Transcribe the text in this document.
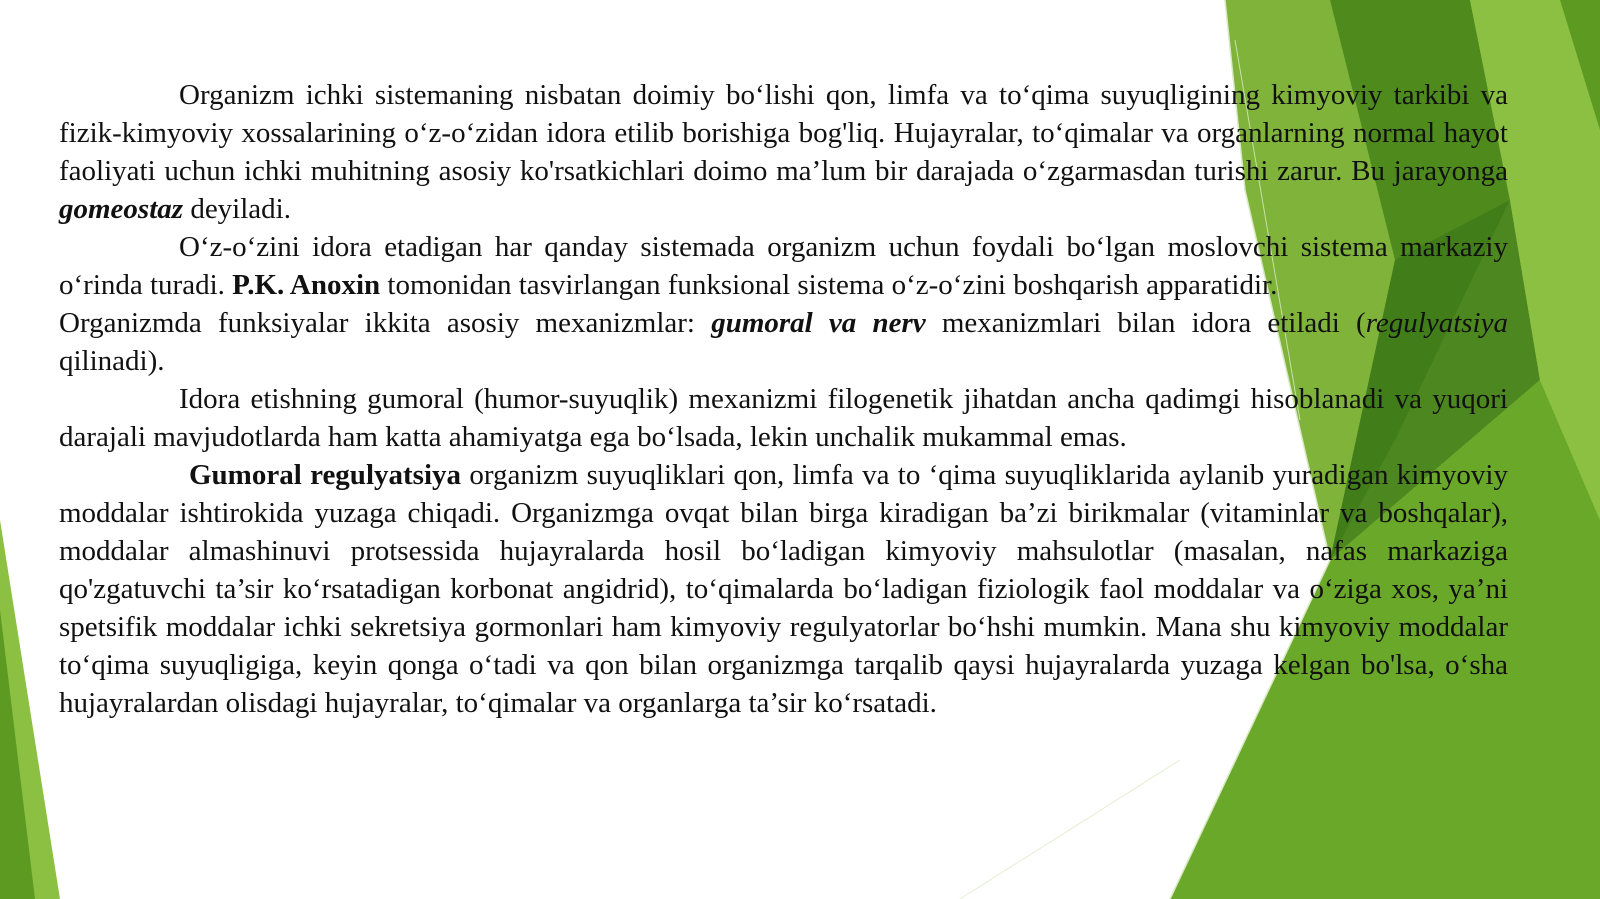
Organizm ichki sistemaning nisbatan doimiy bo‘lishi qon, limfa va to‘qima suyuqligining kimyoviy tarkibi va fizik-kimyoviy xossalarining o‘z-o‘zidan idora etilib borishiga bog'liq. Hujayralar, to‘qimalar va organlarning normal hayot faoliyati uchun ichki muhitning asosiy ko'rsatkichlari doimo ma’lum bir darajada o‘zgarmasdan turishi zarur. Bu jarayonga gomeostaz deyiladi.

O‘z-o‘zini idora etadigan har qanday sistemada organizm uchun foydali bo‘lgan moslovchi sistema markaziy o‘rinda turadi. P.K. Anoxin tomonidan tasvirlangan funksional sistema o‘z-o‘zini boshqarish apparatidir.

Organizmda funksiyalar ikkita asosiy mexanizmlar: gumoral va nerv mexanizmlari bilan idora etiladi (regulyatsiya qilinadi).

Idora etishning gumoral (humor-suyuqlik) mexanizmi filogenetik jihatdan ancha qadimgi hisoblanadi va yuqori darajali mavjudotlarda ham katta ahamiyatga ega bo‘lsada, lekin unchalik mukammal emas.

Gumoral regulyatsiya organizm suyuqliklari qon, limfa va to ‘qima suyuqliklarida aylanib yuradigan kimyoviy moddalar ishtirokida yuzaga chiqadi. Organizmga ovqat bilan birga kiradigan ba’zi birikmalar (vitaminlar va boshqalar), moddalar almashinuvi protsessida hujayralarda hosil bo‘ladigan kimyoviy mahsulotlar (masalan, nafas markaziga qo'zgatuvchi ta’sir ko‘rsatadigan korbonat angidrid), to‘qimalarda bo‘ladigan fiziologik faol moddalar va o‘ziga xos, ya’ni spetsifik moddalar ichki sekretsiya gormonlari ham kimyoviy regulyatorlar bo‘hshi mumkin. Mana shu kimyoviy moddalar to‘qima suyuqligiga, keyin qonga o‘tadi va qon bilan organizmga tarqalib qaysi hujayralarda yuzaga kelgan bo'lsa, o‘sha hujayralardan olisdagi hujayralar, to‘qimalar va organlarga ta’sir ko‘rsatadi.
